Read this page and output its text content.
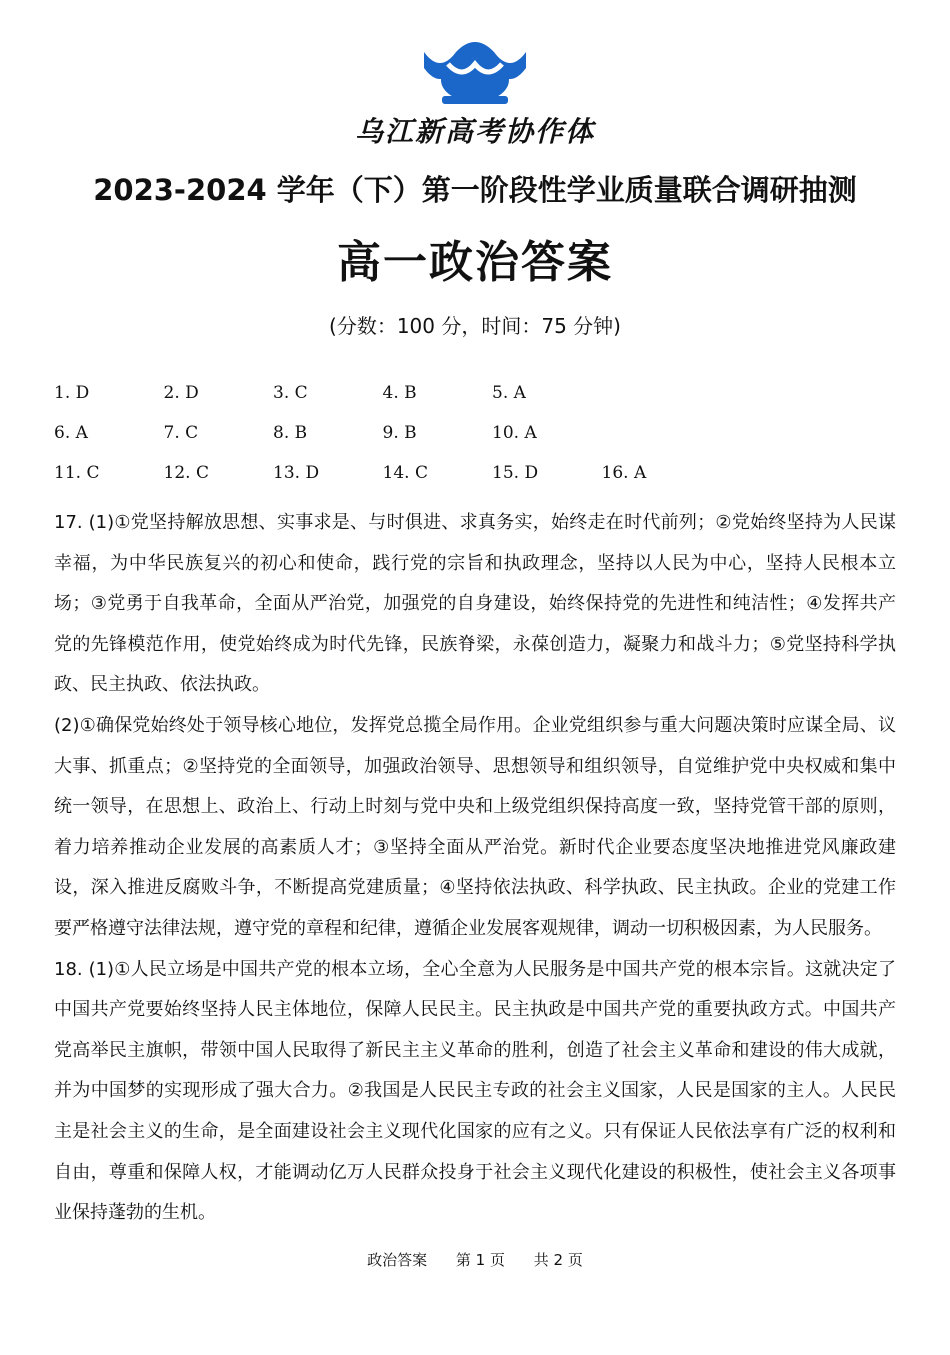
乌江新高考协作体
2023-2024 学年（下）第一阶段性学业质量联合调研抽测
高一政治答案
(分数：100 分，时间：75 分钟)
1. D	2. D	3. C	4. B	5. A
6. A	7. C	8. B	9. B	10. A
11. C	12. C	13. D	14. C	15. D	16. A

17. (1)①党坚持解放思想、实事求是、与时俱进、求真务实，始终走在时代前列；②党始终坚持为人民谋幸福，为中华民族复兴的初心和使命，践行党的宗旨和执政理念，坚持以人民为中心，坚持人民根本立场；③党勇于自我革命，全面从严治党，加强党的自身建设，始终保持党的先进性和纯洁性；④发挥共产党的先锋模范作用，使党始终成为时代先锋，民族脊梁，永葆创造力，凝聚力和战斗力；⑤党坚持科学执政、民主执政、依法执政。

(2)①确保党始终处于领导核心地位，发挥党总揽全局作用。企业党组织参与重大问题决策时应谋全局、议大事、抓重点；②坚持党的全面领导，加强政治领导、思想领导和组织领导，自觉维护党中央权威和集中统一领导，在思想上、政治上、行动上时刻与党中央和上级党组织保持高度一致，坚持党管干部的原则，着力培养推动企业发展的高素质人才；③坚持全面从严治党。新时代企业要态度坚决地推进党风廉政建设，深入推进反腐败斗争，不断提高党建质量；④坚持依法执政、科学执政、民主执政。企业的党建工作要严格遵守法律法规，遵守党的章程和纪律，遵循企业发展客观规律，调动一切积极因素，为人民服务。

18. (1)①人民立场是中国共产党的根本立场，全心全意为人民服务是中国共产党的根本宗旨。这就决定了中国共产党要始终坚持人民主体地位，保障人民民主。民主执政是中国共产党的重要执政方式。中国共产党高举民主旗帜，带领中国人民取得了新民主主义革命的胜利，创造了社会主义革命和建设的伟大成就，并为中国梦的实现形成了强大合力。②我国是人民民主专政的社会主义国家，人民是国家的主人。人民民主是社会主义的生命，是全面建设社会主义现代化国家的应有之义。只有保证人民依法享有广泛的权利和自由，尊重和保障人权，才能调动亿万人民群众投身于社会主义现代化建设的积极性，使社会主义各项事业保持蓬勃的生机。

政治答案 第 1 页 共 2 页
